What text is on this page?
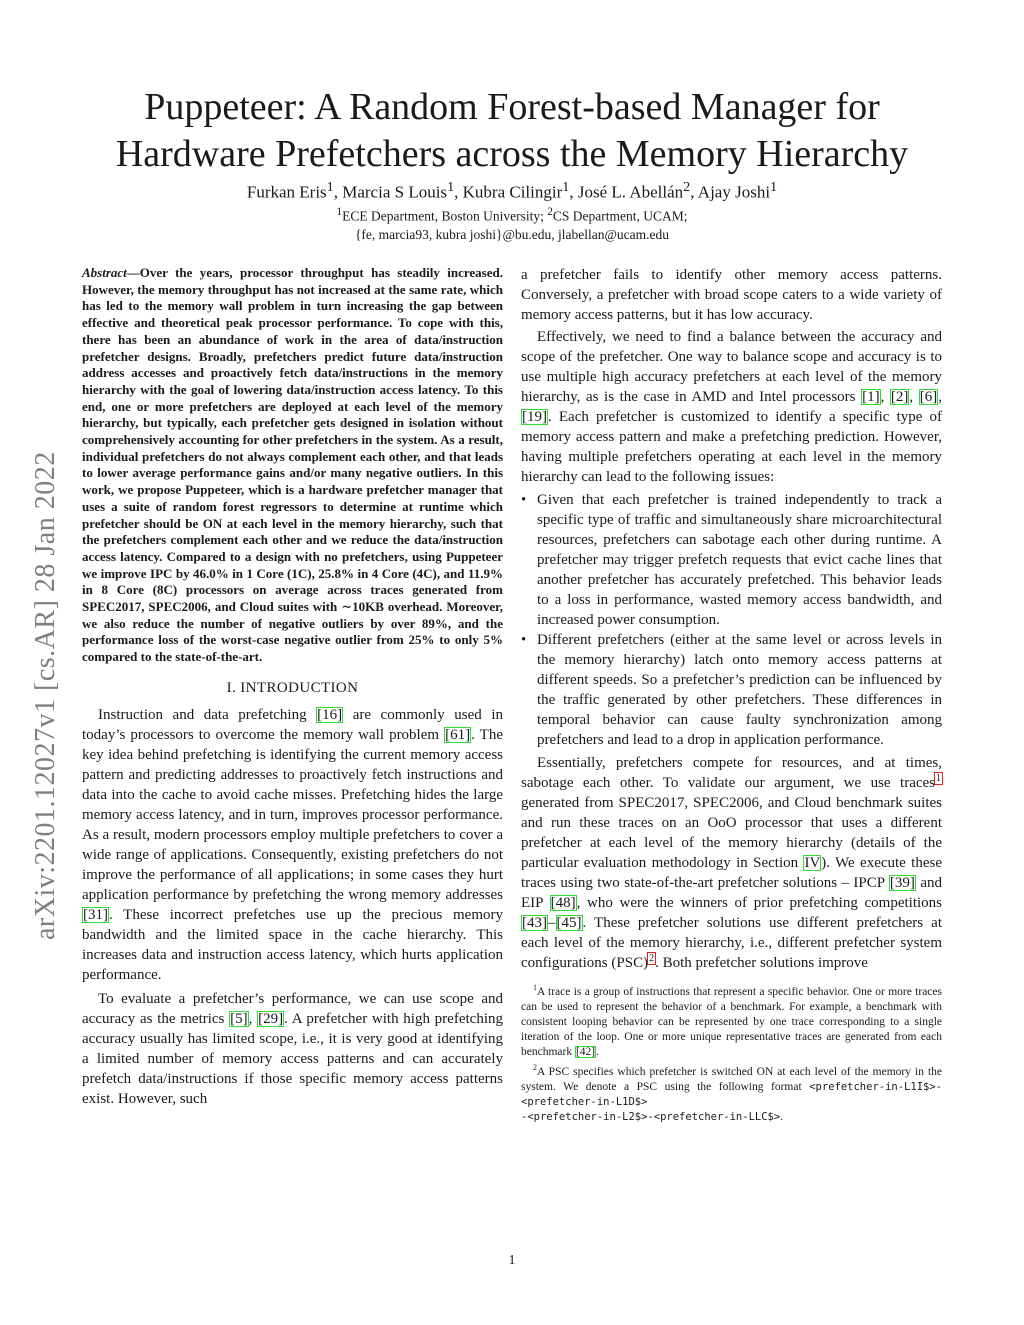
arXiv:2201.12027v1 [cs.AR] 28 Jan 2022
Puppeteer: A Random Forest-based Manager for
Hardware Prefetchers across the Memory Hierarchy
Furkan Eris$^1$, Marcia S Louis$^1$, Kubra Cilingir$^1$, José L. Abellán$^2$, Ajay Joshi$^1$
$^1$ECE Department, Boston University; $^2$CS Department, UCAM;
{fe, marcia93, kubra joshi}@bu.edu, jlabellan@ucam.edu

Abstract—Over the years, processor throughput has steadily increased. However, the memory throughput has not increased at the same rate, which has led to the memory wall problem in turn increasing the gap between effective and theoretical peak processor performance. To cope with this, there has been an abundance of work in the area of data/instruction prefetcher designs. Broadly, prefetchers predict future data/instruction address accesses and proactively fetch data/instructions in the memory hierarchy with the goal of lowering data/instruction access latency. To this end, one or more prefetchers are deployed at each level of the memory hierarchy, but typically, each prefetcher gets designed in isolation without comprehensively accounting for other prefetchers in the system. As a result, individual prefetchers do not always complement each other, and that leads to lower average performance gains and/or many negative outliers. In this work, we propose Puppeteer, which is a hardware prefetcher manager that uses a suite of random forest regressors to determine at runtime which prefetcher should be ON at each level in the memory hierarchy, such that the prefetchers complement each other and we reduce the data/instruction access latency. Compared to a design with no prefetchers, using Puppeteer we improve IPC by 46.0% in 1 Core (1C), 25.8% in 4 Core (4C), and 11.9% in 8 Core (8C) processors on average across traces generated from SPEC2017, SPEC2006, and Cloud suites with ∼10KB overhead. Moreover, we also reduce the number of negative outliers by over 89%, and the performance loss of the worst-case negative outlier from 25% to only 5% compared to the state-of-the-art.

I. INTRODUCTION

Instruction and data prefetching [16] are commonly used in today’s processors to overcome the memory wall problem [61]. The key idea behind prefetching is identifying the current memory access pattern and predicting addresses to proactively fetch instructions and data into the cache to avoid cache misses. Prefetching hides the large memory access latency, and in turn, improves processor performance. As a result, modern processors employ multiple prefetchers to cover a wide range of applications. Consequently, existing prefetchers do not improve the performance of all applications; in some cases they hurt application performance by prefetching the wrong memory addresses [31]. These incorrect prefetches use up the precious memory bandwidth and the limited space in the cache hierarchy. This increases data and instruction access latency, which hurts application performance.

To evaluate a prefetcher’s performance, we can use scope and accuracy as the metrics [5], [29]. A prefetcher with high prefetching accuracy usually has limited scope, i.e., it is very good at identifying a limited number of memory access patterns and can accurately prefetch data/instructions if those specific memory access patterns exist. However, such

a prefetcher fails to identify other memory access patterns. Conversely, a prefetcher with broad scope caters to a wide variety of memory access patterns, but it has low accuracy.

Effectively, we need to find a balance between the accuracy and scope of the prefetcher. One way to balance scope and accuracy is to use multiple high accuracy prefetchers at each level of the memory hierarchy, as is the case in AMD and Intel processors [1], [2], [6], [19]. Each prefetcher is customized to identify a specific type of memory access pattern and make a prefetching prediction. However, having multiple prefetchers operating at each level in the memory hierarchy can lead to the following issues:

• Given that each prefetcher is trained independently to track a specific type of traffic and simultaneously share microarchitectural resources, prefetchers can sabotage each other during runtime. A prefetcher may trigger prefetch requests that evict cache lines that another prefetcher has accurately prefetched. This behavior leads to a loss in performance, wasted memory access bandwidth, and increased power consumption.
• Different prefetchers (either at the same level or across levels in the memory hierarchy) latch onto memory access patterns at different speeds. So a prefetcher’s prediction can be influenced by the traffic generated by other prefetchers. These differences in temporal behavior can cause faulty synchronization among prefetchers and lead to a drop in application performance.

Essentially, prefetchers compete for resources, and at times, sabotage each other. To validate our argument, we use traces$^1$ generated from SPEC2017, SPEC2006, and Cloud benchmark suites and run these traces on an OoO processor that uses a different prefetcher at each level of the memory hierarchy (details of the particular evaluation methodology in Section IV). We execute these traces using two state-of-the-art prefetcher solutions – IPCP [39] and EIP [48], who were the winners of prior prefetching competitions [43]–[45]. These prefetcher solutions use different prefetchers at each level of the memory hierarchy, i.e., different prefetcher system configurations (PSC)$^2$. Both prefetcher solutions improve

$^1$A trace is a group of instructions that represent a specific behavior. One or more traces can be used to represent the behavior of a benchmark. For example, a benchmark with consistent looping behavior can be represented by one trace corresponding to a single iteration of the loop. One or more unique representative traces are generated from each benchmark [42].

$^2$A PSC specifies which prefetcher is switched ON at each level of the memory in the system. We denote a PSC using the following format <prefetcher-in-L1I$>-<prefetcher-in-L1D$>
-<prefetcher-in-L2$>-<prefetcher-in-LLC$>.

1
